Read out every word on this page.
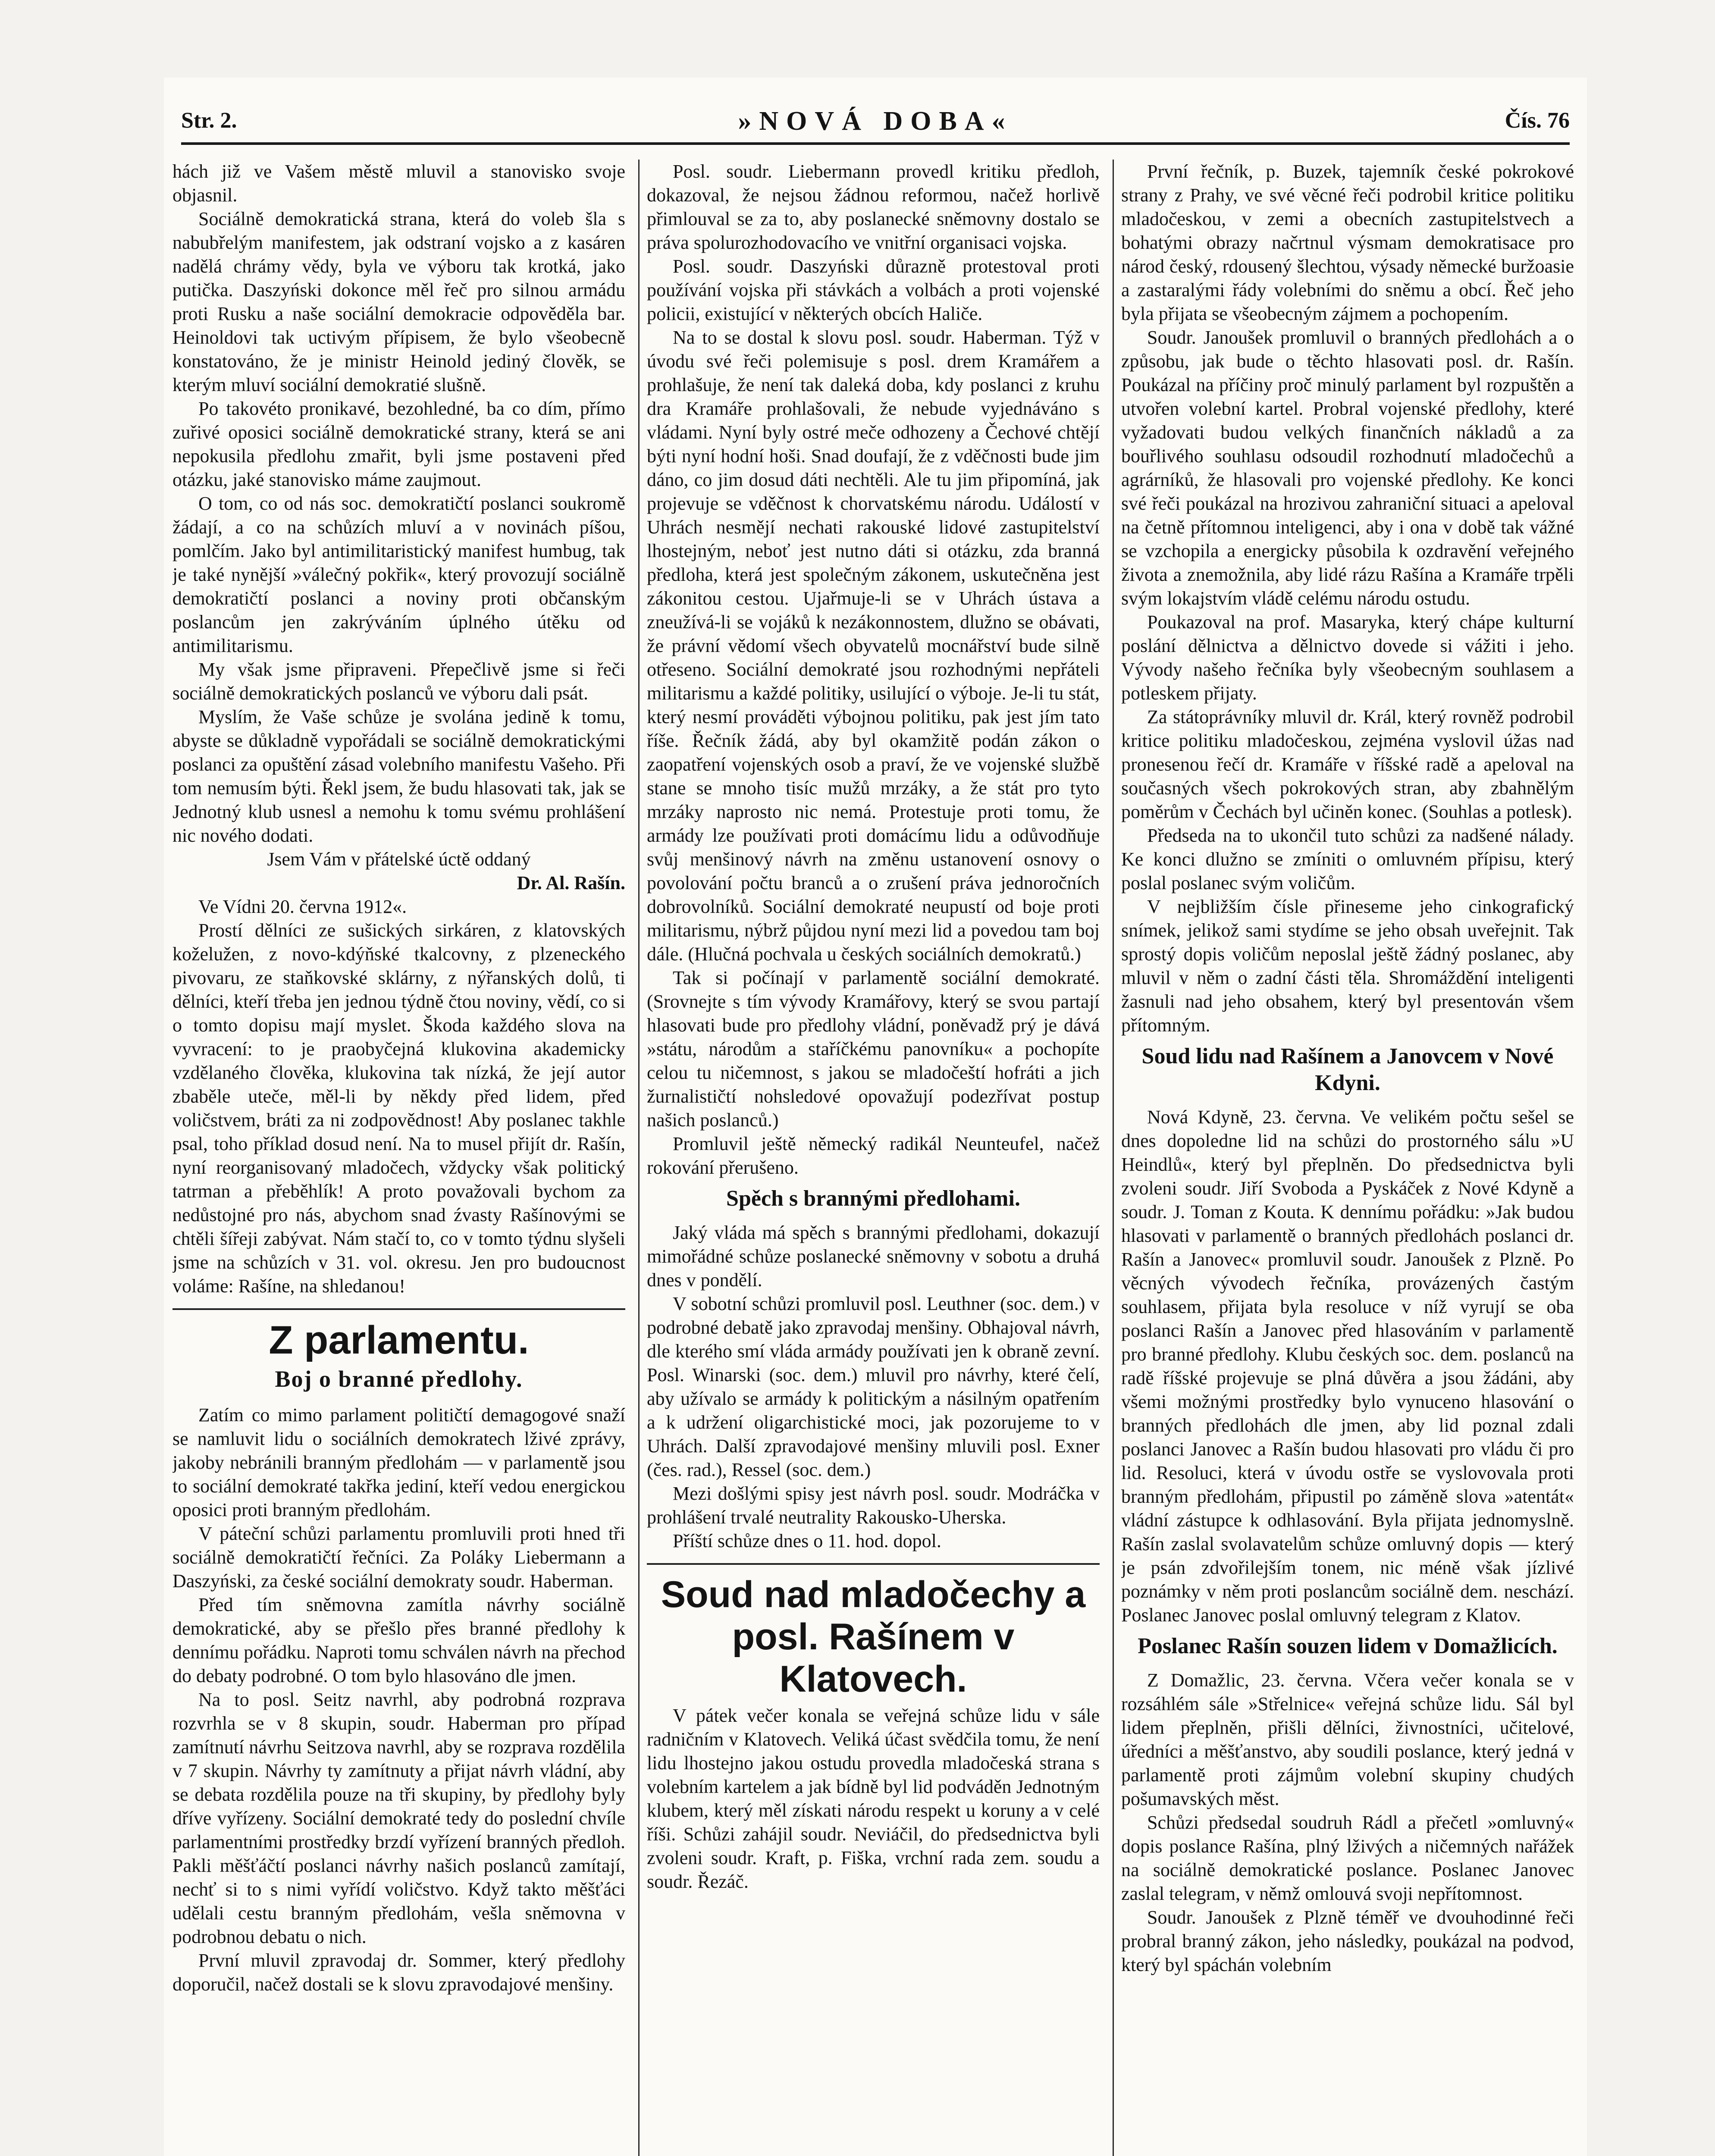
Str. 2.	»NOVÁ DOBA«	Čís. 76

hách již ve Vašem městě mluvil a stanovisko svoje objasnil.

Sociálně demokratická strana, která do voleb šla s nabubřelým manifestem, jak odstraní vojsko a z kasáren nadělá chrámy vědy, byla ve výboru tak krotká, jako putička. Daszyński dokonce měl řeč pro silnou armádu proti Rusku a naše sociální demokracie odpověděla bar. Heinoldovi tak uctivým přípisem, že bylo všeobecně konstatováno, že je ministr Heinold jediný člověk, se kterým mluví sociální demokratié slušně.

Po takovéto pronikavé, bezohledné, ba co dím, přímo zuřivé oposici sociálně demokratické strany, která se ani nepokusila předlohu zmařit, byli jsme postaveni před otázku, jaké stanovisko máme zaujmout.

O tom, co od nás soc. demokratičtí poslanci soukromě žádají, a co na schůzích mluví a v novinách píšou, pomlčím. Jako byl antimilitaristický manifest humbug, tak je také nynější »válečný pokřik«, který provozují sociálně demokratičtí poslanci a noviny proti občanským poslancům jen zakrýváním úplného útěku od antimilitarismu.

My však jsme připraveni. Přepečlivě jsme si řeči sociálně demokratických poslanců ve výboru dali psát.

Myslím, že Vaše schůze je svolána jedině k tomu, abyste se důkladně vypořádali se sociálně demokratickými poslanci za opuštění zásad volebního manifestu Vašeho. Při tom nemusím býti. Řekl jsem, že budu hlasovati tak, jak se Jednotný klub usnesl a nemohu k tomu svému prohlášení nic nového dodati.

Jsem Vám v přátelské úctě oddaný

Dr. Al. Rašín.

Ve Vídni 20. června 1912«.

Prostí dělníci ze sušických sirkáren, z klatovských koželužen, z novo-kdýňské tkalcovny, z plzeneckého pivovaru, ze staňkovské sklárny, z nýřanských dolů, ti dělníci, kteří třeba jen jednou týdně čtou noviny, vědí, co si o tomto dopisu mají myslet. Škoda každého slova na vyvracení: to je praobyčejná klukovina akademicky vzdělaného člověka, klukovina tak nízká, že její autor zbaběle uteče, měl-li by někdy před lidem, před voličstvem, bráti za ni zodpovědnost! Aby poslanec takhle psal, toho příklad dosud není. Na to musel přijít dr. Rašín, nyní reorganisovaný mladočech, vždycky však politický tatrman a přeběhlík! A proto považovali bychom za nedůstojné pro nás, abychom snad źvasty Rašínovými se chtěli šířeji zabývat. Nám stačí to, co v tomto týdnu slyšeli jsme na schůzích v 31. vol. okresu. Jen pro budoucnost voláme: Rašíne, na shledanou!

Z parlamentu.
Boj o branné předlohy.

Zatím co mimo parlament političtí demagogové snaží se namluvit lidu o sociálních demokratech lživé zprávy, jakoby nebránili branným předlohám — v parlamentě jsou to sociální demokraté takřka jediní, kteří vedou energickou oposici proti branným předlohám.

V páteční schůzi parlamentu promluvili proti hned tři sociálně demokratičtí řečníci. Za Poláky Liebermann a Daszyński, za české sociální demokraty soudr. Haberman.

Před tím sněmovna zamítla návrhy sociálně demokratické, aby se přešlo přes branné předlohy k dennímu pořádku. Naproti tomu schválen návrh na přechod do debaty podrobné. O tom bylo hlasováno dle jmen.

Na to posl. Seitz navrhl, aby podrobná rozprava rozvrhla se v 8 skupin, soudr. Haberman pro případ zamítnutí návrhu Seitzova navrhl, aby se rozprava rozdělila v 7 skupin. Návrhy ty zamítnuty a přijat návrh vládní, aby se debata rozdělila pouze na tři skupiny, by předlohy byly dříve vyřízeny. Sociální demokraté tedy do poslední chvíle parlamentními prostředky brzdí vyřízení branných předloh. Pakli měšťáčtí poslanci návrhy našich poslanců zamítají, nechť si to s nimi vyřídí voličstvo. Když takto měšťáci udělali cestu branným předlohám, vešla sněmovna v podrobnou debatu o nich.

První mluvil zpravodaj dr. Sommer, který předlohy doporučil, načež dostali se k slovu zpravodajové menšiny.

Posl. soudr. Liebermann provedl kritiku předloh, dokazoval, že nejsou žádnou reformou, načež horlivě přimlouval se za to, aby poslanecké sněmovny dostalo se práva spolurozhodovacího ve vnitřní organisaci vojska.

Posl. soudr. Daszyński důrazně protestoval proti používání vojska při stávkách a volbách a proti vojenské policii, existující v některých obcích Haliče.

Na to se dostal k slovu posl. soudr. Haberman. Týž v úvodu své řeči polemisuje s posl. drem Kramářem a prohlašuje, že není tak daleká doba, kdy poslanci z kruhu dra Kramáře prohlašovali, že nebude vyjednáváno s vládami. Nyní byly ostré meče odhozeny a Čechové chtějí býti nyní hodní hoši. Snad doufají, že z vděčnosti bude jim dáno, co jim dosud dáti nechtěli. Ale tu jim připomíná, jak projevuje se vděčnost k chorvatskému národu. Událostí v Uhrách nesmějí nechati rakouské lidové zastupitelství lhostejným, neboť jest nutno dáti si otázku, zda branná předloha, která jest společným zákonem, uskutečněna jest zákonitou cestou. Ujařmuje-li se v Uhrách ústava a zneužívá-li se vojáků k nezákonnostem, dlužno se obávati, že právní vědomí všech obyvatelů mocnářství bude silně otřeseno. Sociální demokraté jsou rozhodnými nepřáteli militarismu a každé politiky, usilující o výboje. Je-li tu stát, který nesmí prováděti výbojnou politiku, pak jest jím tato říše. Řečník žádá, aby byl okamžitě podán zákon o zaopatření vojenských osob a praví, že ve vojenské službě stane se mnoho tisíc mužů mrzáky, a že stát pro tyto mrzáky naprosto nic nemá. Protestuje proti tomu, že armády lze používati proti domácímu lidu a odůvodňuje svůj menšinový návrh na změnu ustanovení osnovy o povolování počtu branců a o zrušení práva jednoročních dobrovolníků. Sociální demokraté neupustí od boje proti militarismu, nýbrž půjdou nyní mezi lid a povedou tam boj dále. (Hlučná pochvala u českých sociálních demokratů.)

Tak si počínají v parlamentě sociální demokraté. (Srovnejte s tím vývody Kramářovy, který se svou partají hlasovati bude pro předlohy vládní, poněvadž prý je dává »státu, národům a staříčkému panovníku« a pochopíte celou tu ničemnost, s jakou se mladočeští hofráti a jich žurnalističtí nohsledové opovažují podezřívat postup našich poslanců.)

Promluvil ještě německý radikál Neunteufel, načež rokování přerušeno.

Spěch s brannými předlohami.

Jaký vláda má spěch s brannými předlohami, dokazují mimořádné schůze poslanecké sněmovny v sobotu a druhá dnes v pondělí.

V sobotní schůzi promluvil posl. Leuthner (soc. dem.) v podrobné debatě jako zpravodaj menšiny. Obhajoval návrh, dle kterého smí vláda armády používati jen k obraně zevní. Posl. Winarski (soc. dem.) mluvil pro návrhy, které čelí, aby užívalo se armády k politickým a násilným opatřením a k udržení oligarchistické moci, jak pozorujeme to v Uhrách. Další zpravodajové menšiny mluvili posl. Exner (čes. rad.), Ressel (soc. dem.)

Mezi došlými spisy jest návrh posl. soudr. Modráčka v prohlášení trvalé neutrality Rakousko-Uherska.

Příští schůze dnes o 11. hod. dopol.

Soud nad mladočechy a posl. Rašínem v Klatovech.

V pátek večer konala se veřejná schůze lidu v sále radničním v Klatovech. Veliká účast svědčila tomu, že není lidu lhostejno jakou ostudu provedla mladočeská strana s volebním kartelem a jak bídně byl lid podváděn Jednotným klubem, který měl získati národu respekt u koruny a v celé říši. Schůzi zahájil soudr. Neviáčil, do předsednictva byli zvoleni soudr. Kraft, p. Fiška, vrchní rada zem. soudu a soudr. Řezáč.

První řečník, p. Buzek, tajemník české pokrokové strany z Prahy, ve své věcné řeči podrobil kritice politiku mladočeskou, v zemi a obecních zastupitelstvech a bohatými obrazy načrtnul výsmam demokratisace pro národ český, rdousený šlechtou, výsady německé buržoasie a zastaralými řády volebními do sněmu a obcí. Řeč jeho byla přijata se všeobecným zájmem a pochopením.

Soudr. Janoušek promluvil o branných předlohách a o způsobu, jak bude o těchto hlasovati posl. dr. Rašín. Poukázal na příčiny proč minulý parlament byl rozpuštěn a utvořen volební kartel. Probral vojenské předlohy, které vyžadovati budou velkých finančních nákladů a za bouřlivého souhlasu odsoudil rozhodnutí mladočechů a agrárníků, že hlasovali pro vojenské předlohy. Ke konci své řeči poukázal na hrozivou zahraniční situaci a apeloval na četně přítomnou inteligenci, aby i ona v době tak vážné se vzchopila a energicky působila k ozdravění veřejného života a znemožnila, aby lidé rázu Rašína a Kramáře trpěli svým lokajstvím vládě celému národu ostudu.

Poukazoval na prof. Masaryka, který chápe kulturní poslání dělnictva a dělnictvo dovede si vážiti i jeho. Vývody našeho řečníka byly všeobecným souhlasem a potleskem přijaty.

Za státoprávníky mluvil dr. Král, který rovněž podrobil kritice politiku mladočeskou, zejména vyslovil úžas nad pronesenou řečí dr. Kramáře v říšské radě a apeloval na současných všech pokrokových stran, aby zbahnělým poměrům v Čechách byl učiněn konec. (Souhlas a potlesk).

Předseda na to ukončil tuto schůzi za nadšené nálady. Ke konci dlužno se zmíniti o omluvném přípisu, který poslal poslanec svým voličům.

V nejbližším čísle přineseme jeho cinkografický snímek, jelikož sami stydíme se jeho obsah uveřejnit. Tak sprostý dopis voličům neposlal ještě žádný poslanec, aby mluvil v něm o zadní části těla. Shromáždění inteligenti žasnuli nad jeho obsahem, který byl presentován všem přítomným.

Soud lidu nad Rašínem a Janovcem v Nové Kdyni.

Nová Kdyně, 23. června. Ve velikém počtu sešel se dnes dopoledne lid na schůzi do prostorného sálu »U Heindlů«, který byl přeplněn. Do předsednictva byli zvoleni soudr. Jiří Svoboda a Pyskáček z Nové Kdyně a soudr. J. Toman z Kouta. K dennímu pořádku: »Jak budou hlasovati v parlamentě o branných předlohách poslanci dr. Rašín a Janovec« promluvil soudr. Janoušek z Plzně. Po věcných vývodech řečníka, provázených častým souhlasem, přijata byla resoluce v níž vyrují se oba poslanci Rašín a Janovec před hlasováním v parlamentě pro branné předlohy. Klubu českých soc. dem. poslanců na radě říšské projevuje se plná důvěra a jsou žádáni, aby všemi možnými prostředky bylo vynuceno hlasování o branných předlohách dle jmen, aby lid poznal zdali poslanci Janovec a Rašín budou hlasovati pro vládu či pro lid. Resoluci, která v úvodu ostře se vyslovovala proti branným předlohám, připustil po záměně slova »atentát« vládní zástupce k odhlasování. Byla přijata jednomyslně. Rašín zaslal svolavatelům schůze omluvný dopis — který je psán zdvořilejším tonem, nic méně však jízlivé poznámky v něm proti poslancům sociálně dem. neschází. Poslanec Janovec poslal omluvný telegram z Klatov.

Poslanec Rašín souzen lidem v Domažlicích.

Z Domažlic, 23. června. Včera večer konala se v rozsáhlém sále »Střelnice« veřejná schůze lidu. Sál byl lidem přeplněn, přišli dělníci, živnostníci, učitelové, úředníci a měšťanstvo, aby soudili poslance, který jedná v parlamentě proti zájmům volební skupiny chudých pošumavských měst.

Schůzi předsedal soudruh Rádl a přečetl »omluvný« dopis poslance Rašína, plný lživých a ničemných nařážek na sociálně demokratické poslance. Poslanec Janovec zaslal telegram, v němž omlouvá svoji nepřítomnost.

Soudr. Janoušek z Plzně téměř ve dvouhodinné řeči probral branný zákon, jeho následky, poukázal na podvod, který byl spáchán volebním
